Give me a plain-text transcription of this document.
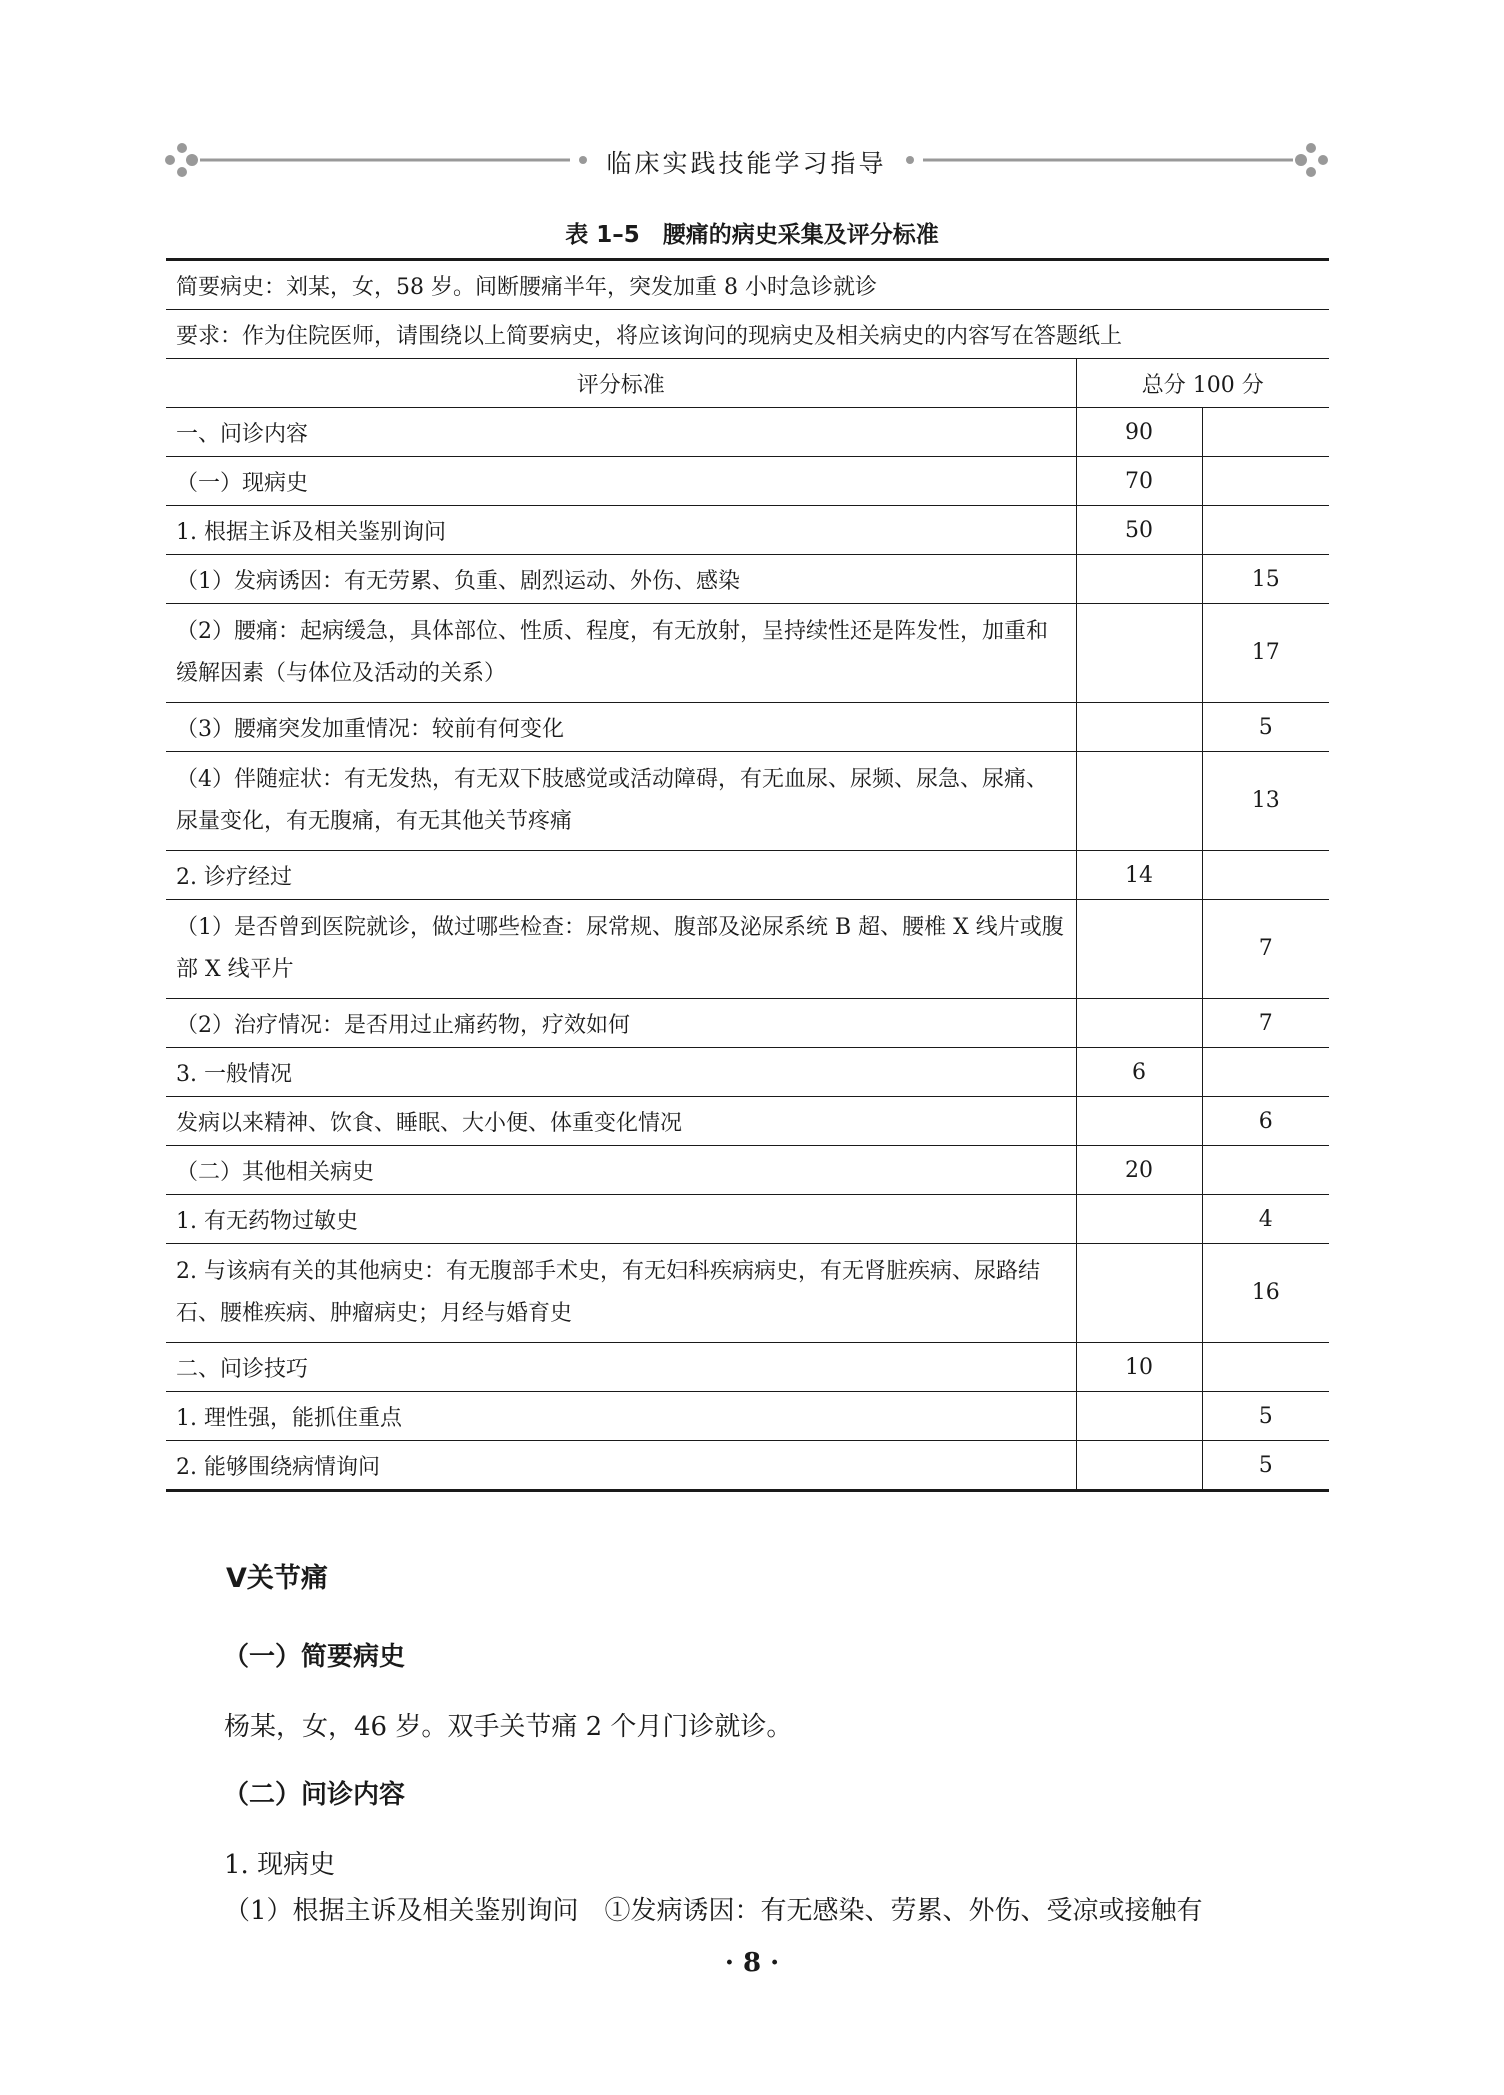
临床实践技能学习指导
表 1–5　腰痛的病史采集及评分标准
简要病史：刘某，女，58 岁。间断腰痛半年，突发加重 8 小时急诊就诊		
要求：作为住院医师，请围绕以上简要病史，将应该询问的现病史及相关病史的内容写在答题纸上		
评分标准	总分 100 分	
一、问诊内容	90	
（一）现病史	70	
1. 根据主诉及相关鉴别询问	50	
（1）发病诱因：有无劳累、负重、剧烈运动、外伤、感染		15
（2）腰痛：起病缓急，具体部位、性质、程度，有无放射，呈持续性还是阵发性，加重和缓解因素（与体位及活动的关系）		17
（3）腰痛突发加重情况：较前有何变化		5
（4）伴随症状：有无发热，有无双下肢感觉或活动障碍，有无血尿、尿频、尿急、尿痛、尿量变化，有无腹痛，有无其他关节疼痛		13
2. 诊疗经过	14	
（1）是否曾到医院就诊，做过哪些检查：尿常规、腹部及泌尿系统 B 超、腰椎 X 线片或腹部 X 线平片		7
（2）治疗情况：是否用过止痛药物，疗效如何		7
3. 一般情况	6	
发病以来精神、饮食、睡眠、大小便、体重变化情况		6
（二）其他相关病史	20	
1. 有无药物过敏史		4
2. 与该病有关的其他病史：有无腹部手术史，有无妇科疾病病史，有无肾脏疾病、尿路结石、腰椎疾病、肿瘤病史；月经与婚育史		16
二、问诊技巧	10	
1. 理性强，能抓住重点		5
2. 能够围绕病情询问		5
Ⅴ关节痛
（一）简要病史
杨某，女，46 岁。双手关节痛 2 个月门诊就诊。
（二）问诊内容
1. 现病史
（1）根据主诉及相关鉴别询问　①发病诱因：有无感染、劳累、外伤、受凉或接触有
· 8 ·
